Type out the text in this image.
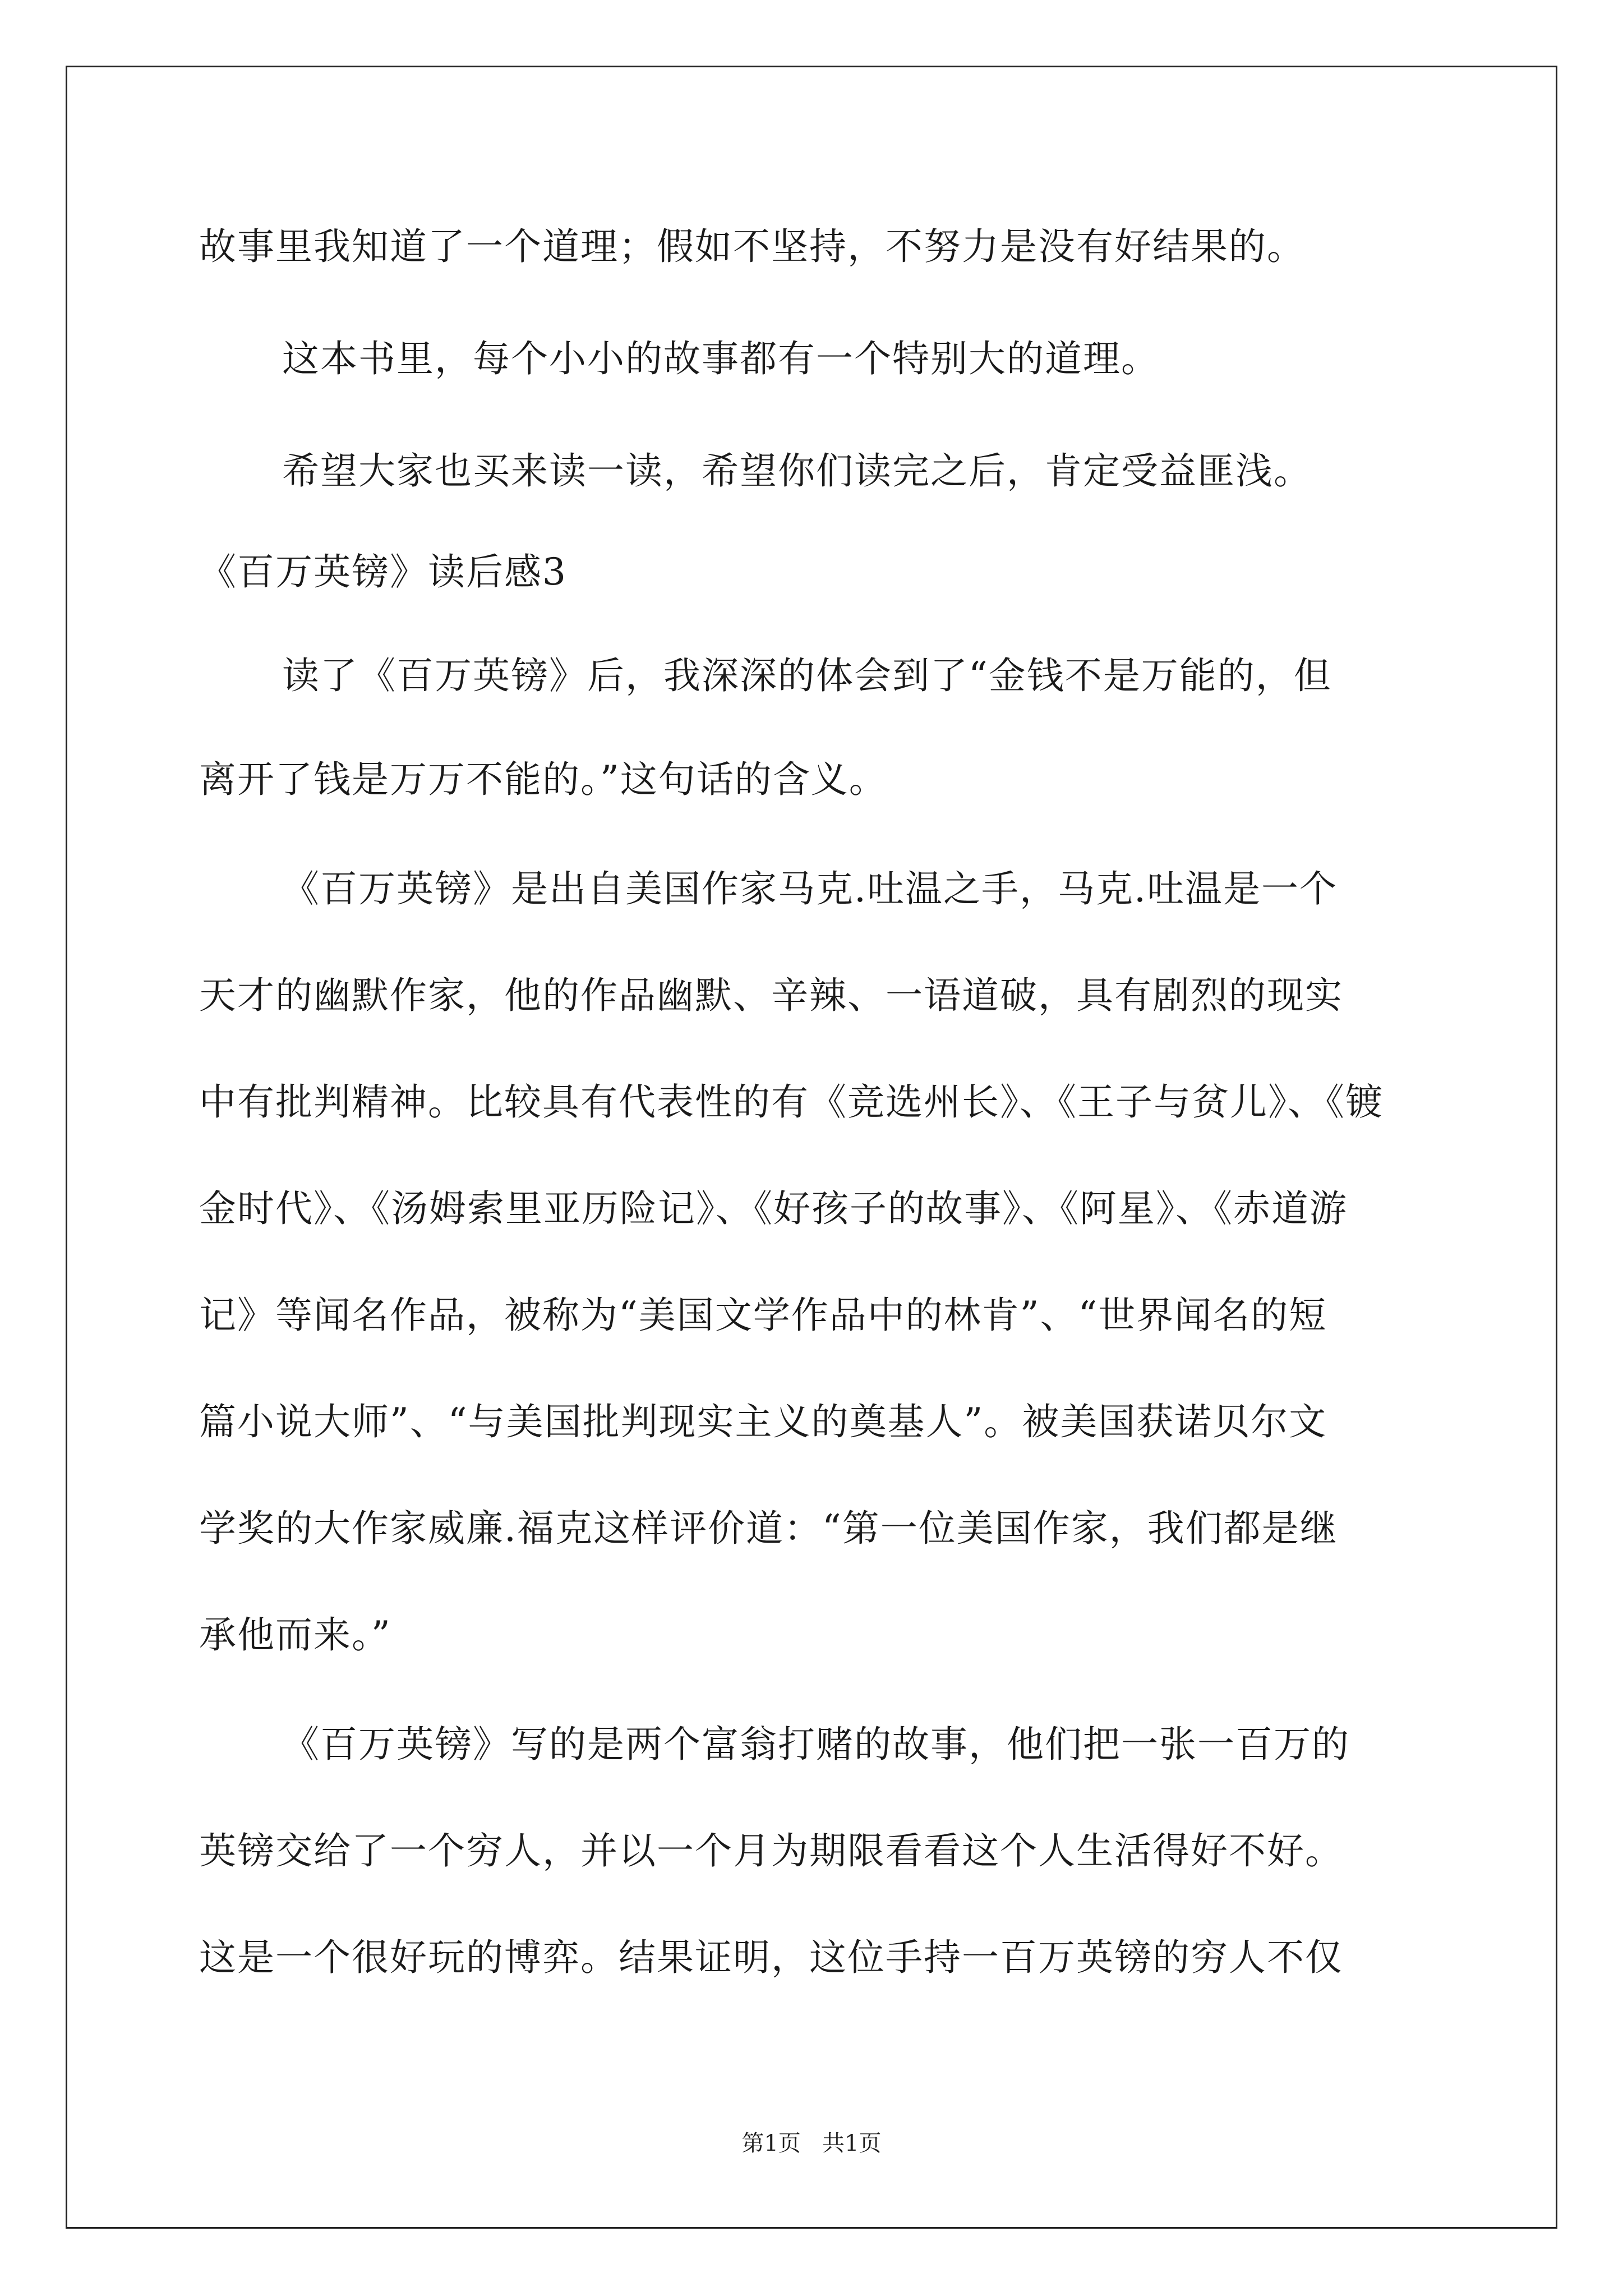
故事里我知道了一个道理；假如不坚持，不努力是没有好结果的。
这本书里，每个小小的故事都有一个特别大的道理。
希望大家也买来读一读，希望你们读完之后，肯定受益匪浅。
《百万英镑》读后感3
读了《百万英镑》后，我深深的体会到了“金钱不是万能的，但
离开了钱是万万不能的。”这句话的含义。
《百万英镑》是出自美国作家马克.吐温之手，马克.吐温是一个
天才的幽默作家，他的作品幽默、辛辣、一语道破，具有剧烈的现实
中有批判精神。比较具有代表性的有《竞选州长》、《王子与贫儿》、《镀
金时代》、《汤姆索里亚历险记》、《好孩子的故事》、《阿星》、《赤道游
记》等闻名作品，被称为“美国文学作品中的林肯”、“世界闻名的短
篇小说大师”、“与美国批判现实主义的奠基人”。被美国获诺贝尔文
学奖的大作家威廉.福克这样评价道：“第一位美国作家，我们都是继
承他而来。”
《百万英镑》写的是两个富翁打赌的故事，他们把一张一百万的
英镑交给了一个穷人，并以一个月为期限看看这个人生活得好不好。
这是一个很好玩的博弈。结果证明，这位手持一百万英镑的穷人不仅
第1页   共1页
